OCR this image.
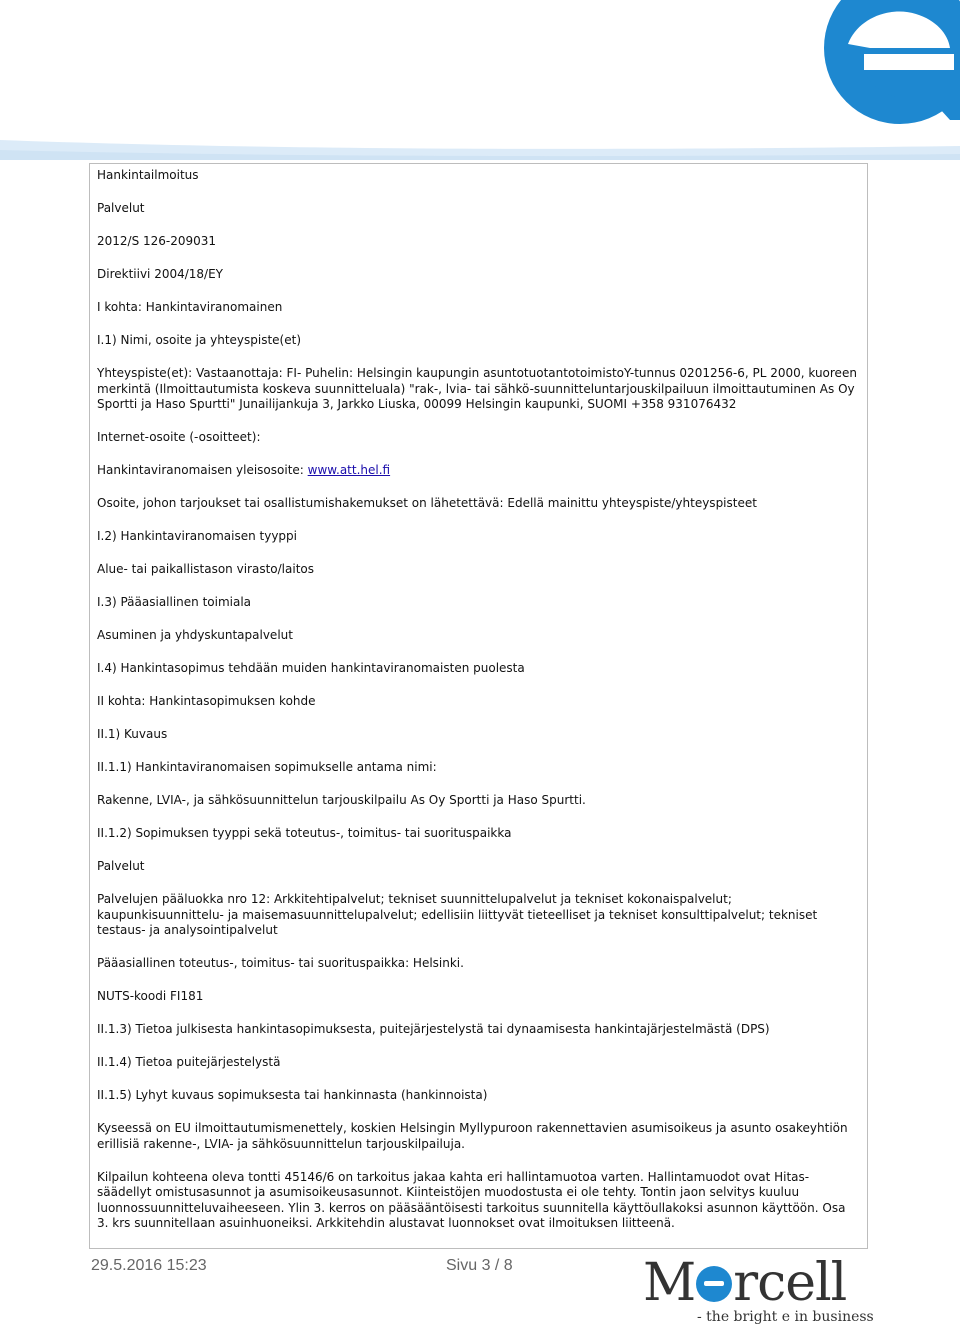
Hankintailmoitus

Palvelut

2012/S 126-209031

Direktiivi 2004/18/EY

I kohta: Hankintaviranomainen

I.1) Nimi, osoite ja yhteyspiste(et)

Yhteyspiste(et): Vastaanottaja: FI- Puhelin: Helsingin kaupungin asuntotuotantotoimistoY-tunnus 0201256-6, PL 2000, kuoreen merkintä (Ilmoittautumista koskeva suunnitteluala) "rak-, lvia- tai sähkö-suunnitteluntarjouskilpailuun ilmoittautuminen As Oy Sportti ja Haso Spurtti" Junailijankuja 3, Jarkko Liuska, 00099 Helsingin kaupunki, SUOMI +358 931076432

Internet-osoite (-osoitteet):

Hankintaviranomaisen yleisosoite: www.att.hel.fi

Osoite, johon tarjoukset tai osallistumishakemukset on lähetettävä: Edellä mainittu yhteyspiste/yhteyspisteet

I.2) Hankintaviranomaisen tyyppi

Alue- tai paikallistason virasto/laitos

I.3) Pääasiallinen toimiala

Asuminen ja yhdyskuntapalvelut

I.4) Hankintasopimus tehdään muiden hankintaviranomaisten puolesta

II kohta: Hankintasopimuksen kohde

II.1) Kuvaus

II.1.1) Hankintaviranomaisen sopimukselle antama nimi:

Rakenne, LVIA-, ja sähkösuunnittelun tarjouskilpailu As Oy Sportti ja Haso Spurtti.

II.1.2) Sopimuksen tyyppi sekä toteutus-, toimitus- tai suorituspaikka

Palvelut

Palvelujen pääluokka nro 12: Arkkitehtipalvelut; tekniset suunnittelupalvelut ja tekniset kokonaispalvelut; kaupunkisuunnittelu- ja maisemasuunnittelupalvelut; edellisiin liittyvät tieteelliset ja tekniset konsulttipalvelut; tekniset testaus- ja analysointipalvelut

Pääasiallinen toteutus-, toimitus- tai suorituspaikka: Helsinki.

NUTS-koodi FI181

II.1.3) Tietoa julkisesta hankintasopimuksesta, puitejärjestelystä tai dynaamisesta hankintajärjestelmästä (DPS)

II.1.4) Tietoa puitejärjestelystä

II.1.5) Lyhyt kuvaus sopimuksesta tai hankinnasta (hankinnoista)

Kyseessä on EU ilmoittautumismenettely, koskien Helsingin Myllypuroon rakennettavien asumisoikeus ja asunto osakeyhtiön erillisiä rakenne-, LVIA- ja sähkösuunnittelun tarjouskilpailuja.

Kilpailun kohteena oleva tontti 45146/6 on tarkoitus jakaa kahta eri hallintamuotoa varten. Hallintamuodot ovat Hitas-säädellyt omistusasunnot ja asumisoikeusasunnot. Kiinteistöjen muodostusta ei ole tehty. Tontin jaon selvitys kuuluu luonnossuunnitteluvaiheeseen. Ylin 3. kerros on pääsääntöisesti tarkoitus suunnitella käyttöullakoksi asunnon käyttöön. Osa 3. krs suunnitellaan asuinhuoneiksi. Arkkitehdin alustavat luonnokset ovat ilmoituksen liitteenä.

29.5.2016 15:23	Sivu 3 / 8	M rcell
- the bright e in business
